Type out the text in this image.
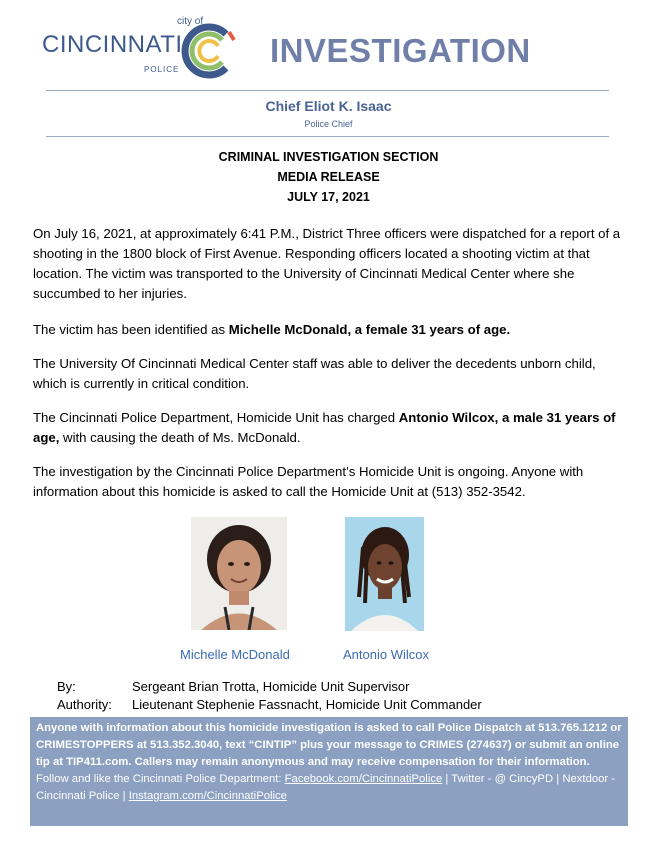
city of
CINCINNATI
POLICE
INVESTIGATION
Chief Eliot K. Isaac
Police Chief
CRIMINAL INVESTIGATION SECTION
MEDIA RELEASE
JULY 17, 2021
On July 16, 2021, at approximately 6:41 P.M., District Three officers were dispatched for a report of a shooting in the 1800 block of First Avenue. Responding officers located a shooting victim at that location. The victim was transported to the University of Cincinnati Medical Center where she succumbed to her injuries.
The victim has been identified as Michelle McDonald, a female 31 years of age.
The University Of Cincinnati Medical Center staff was able to deliver the decedents unborn child, which is currently in critical condition.
The Cincinnati Police Department, Homicide Unit has charged Antonio Wilcox, a male 31 years of age, with causing the death of Ms. McDonald.
The investigation by the Cincinnati Police Department’s Homicide Unit is ongoing. Anyone with information about this homicide is asked to call the Homicide Unit at (513) 352-3542.
Michelle McDonald	Antonio Wilcox
By:	Sergeant Brian Trotta, Homicide Unit Supervisor
Authority: Lieutenant Stephenie Fassnacht, Homicide Unit Commander
Anyone with information about this homicide investigation is asked to call Police Dispatch at 513.765.1212 or CRIMESTOPPERS at 513.352.3040, text “CINTIP” plus your message to CRIMES (274637) or submit an online tip at TIP411.com. Callers may remain anonymous and may receive compensation for their information.
Follow and like the Cincinnati Police Department: Facebook.com/CincinnatiPolice | Twitter - @ CincyPD | Nextdoor - Cincinnati Police | Instagram.com/CincinnatiPolice
